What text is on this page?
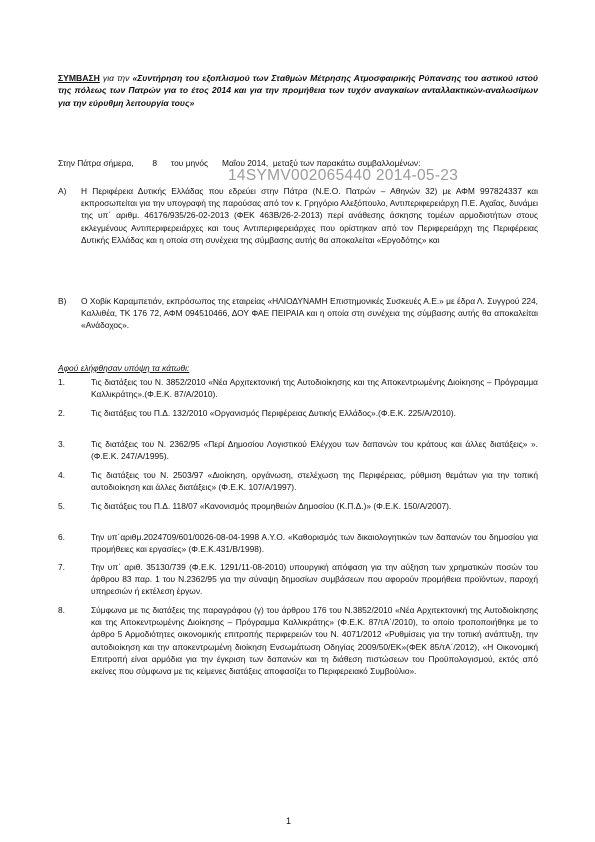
ΣΥΜΒΑΣΗ για την «Συντήρηση του εξοπλισμού των Σταθμών Μέτρησης Ατμοσφαιρικής Ρύπανσης του αστικού ιστού της πόλεως των Πατρών για το έτος 2014 και για την προμήθεια των τυχόν αναγκαίων ανταλλακτικών-αναλωσίμων για την εύρυθμη λειτουργία τους»
Στην Πάτρα σήμερα,        8      του μηνός      Μαΐου 2014,  μεταξύ των παρακάτω συμβαλλομένων:
Α) Η Περιφέρεια Δυτικής Ελλάδας που εδρεύει στην Πάτρα (Ν.Ε.Ο. Πατρών – Αθηνών 32) με ΑΦΜ 997824337 και εκπροσωπείται για την υπογραφή της παρούσας από τον κ. Γρηγόριο Αλεξόπουλο, Αντιπεριφερειάρχη Π.Ε. Αχαΐας, δυνάμει της υπ΄ αριθμ. 46176/935/26-02-2013 (ΦΕΚ 463Β/26-2-2013) περί ανάθεσης άσκησης τομέων αρμοδιοτήτων στους εκλεγμένους Αντιπεριφερειάρχες και τους Αντιπεριφερειάρχες που ορίστηκαν από τον Περιφερειάρχη της Περιφέρειας Δυτικής Ελλάδας και η οποία στη συνέχεια της σύμβασης αυτής θα αποκαλείται «Εργοδότης» και
14SYMV002065440 2014-05-23
Β) Ο Χοβίκ Καραμπετιάν, εκπρόσωπος της εταιρείας «ΗΛΙΟΔΥΝΑΜΗ Επιστημονικές Συσκευές Α.Ε.» με έδρα Λ. Συγγρού 224, Καλλιθέα, ΤΚ 176 72, ΑΦΜ 094510466, ΔΟΥ ΦΑΕ ΠΕΙΡΑΙΑ και η οποία στη συνέχεια της σύμβασης αυτής θα αποκαλείται «Ανάδοχος».
Αφού ελήφθησαν υπόψη τα κάτωθι:
1.	Τις διατάξεις του Ν. 3852/2010 «Νέα Αρχιτεκτονική της Αυτοδιοίκησης και της Αποκεντρωμένης Διοίκησης – Πρόγραμμα Καλλικράτης».(Φ.Ε.Κ. 87/Α/2010).
2.	Τις διατάξεις του Π.Δ. 132/2010 «Οργανισμός Περιφέρειας Δυτικής Ελλάδος».(Φ.Ε.Κ. 225/Α/2010).
3.	Τις διατάξεις του Ν. 2362/95 «Περί Δημοσίου Λογιστικού Ελέγχου των δαπανών του κράτους και άλλες διατάξεις» ».(Φ.Ε.Κ. 247/Α/1995).
4.	Τις διατάξεις του Ν. 2503/97 «Διοίκηση, οργάνωση, στελέχωση της Περιφέρειας, ρύθμιση θεμάτων για την τοπική αυτοδιοίκηση και άλλες διατάξεις» (Φ.Ε.Κ. 107/Α/1997).
5.	Τις διατάξεις του Π.Δ. 118/07 «Κανονισμός προμηθειών Δημοσίου (Κ.Π.Δ.)» (Φ.Ε.Κ. 150/Α/2007).
6.	Την υπ΄αριθμ.2024709/601/0026-08-04-1998 Α.Υ.Ο. «Καθορισμός των δικαιολογητικών των δαπανών του δημοσίου για προμήθειες και εργασίες» (Φ.Ε.Κ.431/Β/1998).
7.	Την υπ΄ αριθ. 35130/739 (Φ.Ε.Κ. 1291/11-08-2010) υπουργική απόφαση για την αύξηση των χρηματικών ποσών του άρθρου 83 παρ. 1 του Ν.2362/95 για την σύναψη δημοσίων συμβάσεων που αφορούν προμήθεια προϊόντων, παροχή υπηρεσιών ή εκτέλεση έργων.
8.	Σύμφωνα με τις διατάξεις της παραγράφου (γ) του άρθρου 176 του Ν.3852/2010 «Νέα Αρχιτεκτονική της Αυτοδιοίκησης και της Αποκεντρωμένης Διοίκησης – Πρόγραμμα Καλλικράτης» (Φ.Ε.Κ. 87/τΑ΄/2010), το οποίο τροποποιήθηκε με το άρθρο 5 Αρμοδιότητες οικονομικής επιτροπής περιφερειών του Ν. 4071/2012 «Ρυθμίσεις για την τοπική ανάπτυξη, την αυτοδιοίκηση και την αποκεντρωμένη διοίκηση Ενσωμάτωση Οδηγίας 2009/50/ΕΚ»(ΦΕΚ 85/τΑ΄/2012), «Η Οικονομική Επιτροπή είναι αρμόδια για την έγκριση των δαπανών και τη διάθεση πιστώσεων του Προϋπολογισμού, εκτός από εκείνες που σύμφωνα με τις κείμενες διατάξεις αποφασίζει το Περιφερειακό Συμβούλιο».
1
